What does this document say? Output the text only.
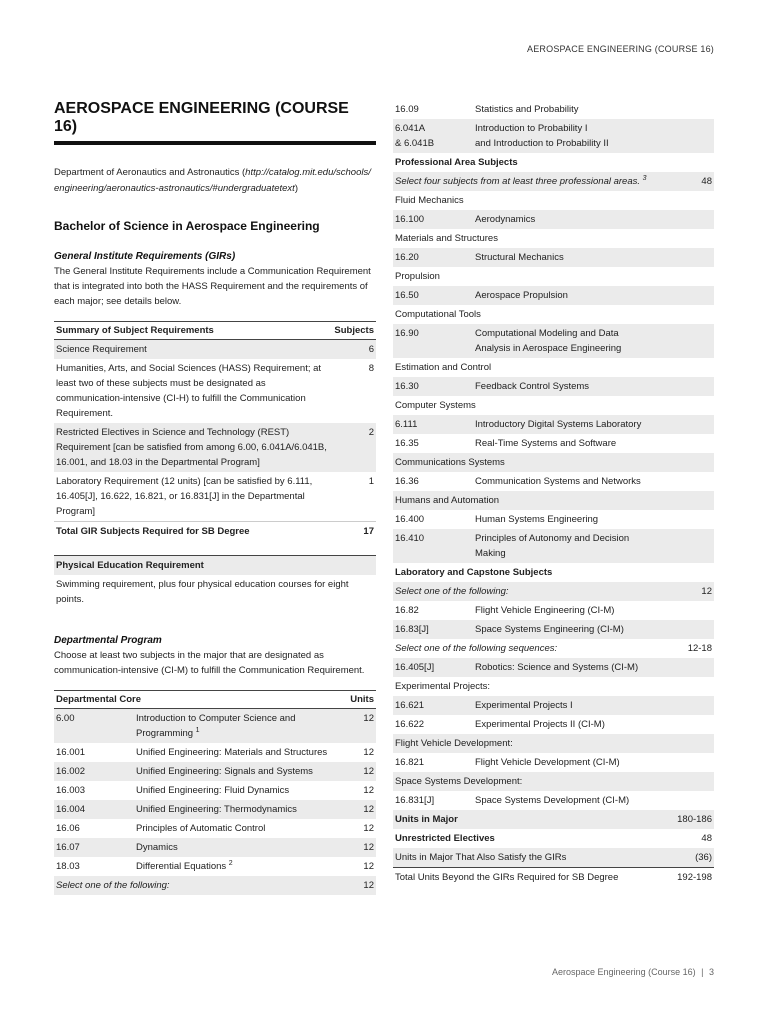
AEROSPACE ENGINEERING (COURSE 16)
AEROSPACE ENGINEERING (COURSE 16)
Department of Aeronautics and Astronautics (http://catalog.mit.edu/schools/engineering/aeronautics-astronautics/#undergraduatetext)
Bachelor of Science in Aerospace Engineering
General Institute Requirements (GIRs)
The General Institute Requirements include a Communication Requirement that is integrated into both the HASS Requirement and the requirements of each major; see details below.
Summary of Subject Requirements	Subjects
Science Requirement	6
Humanities, Arts, and Social Sciences (HASS) Requirement; at least two of these subjects must be designated as communication-intensive (CI-H) to fulfill the Communication Requirement.	8
Restricted Electives in Science and Technology (REST) Requirement [can be satisfied from among 6.00, 6.041A/6.041B, 16.001, and 18.03 in the Departmental Program]	2
Laboratory Requirement (12 units) [can be satisfied by 6.111, 16.405[J], 16.622, 16.821, or 16.831[J] in the Departmental Program]	1
Total GIR Subjects Required for SB Degree	17
Physical Education Requirement
Swimming requirement, plus four physical education courses for eight points.
Departmental Program
Choose at least two subjects in the major that are designated as communication-intensive (CI-M) to fulfill the Communication Requirement.
Departmental Core		Units
6.00	Introduction to Computer Science and Programming $^1$	12
16.001	Unified Engineering: Materials and Structures	12
16.002	Unified Engineering: Signals and Systems	12
16.003	Unified Engineering: Fluid Dynamics	12
16.004	Unified Engineering: Thermodynamics	12
16.06	Principles of Automatic Control	12
16.07	Dynamics	12
18.03	Differential Equations $^2$	12
Select one of the following:		12
16.09	Statistics and Probability	
6.041A
& 6.041B	Introduction to Probability I
and Introduction to Probability II	
Professional Area Subjects		
Select four subjects from at least three professional areas. $^3$		48
Fluid Mechanics		
16.100	Aerodynamics	
Materials and Structures		
16.20	Structural Mechanics	
Propulsion		
16.50	Aerospace Propulsion	
Computational Tools		
16.90	Computational Modeling and Data Analysis in Aerospace Engineering	
Estimation and Control		
16.30	Feedback Control Systems	
Computer Systems		
6.111	Introductory Digital Systems Laboratory	
16.35	Real-Time Systems and Software	
Communications Systems		
16.36	Communication Systems and Networks	
Humans and Automation		
16.400	Human Systems Engineering	
16.410	Principles of Autonomy and Decision Making	
Laboratory and Capstone Subjects		
Select one of the following:		12
16.82	Flight Vehicle Engineering (CI-M)	
16.83[J]	Space Systems Engineering (CI-M)	
Select one of the following sequences:		12-18
16.405[J]	Robotics: Science and Systems (CI-M)	
Experimental Projects:		
16.621	Experimental Projects I	
16.622	Experimental Projects II (CI-M)	
Flight Vehicle Development:		
16.821	Flight Vehicle Development (CI-M)	
Space Systems Development:		
16.831[J]	Space Systems Development (CI-M)	
Units in Major		180-186
Unrestricted Electives		48
Units in Major That Also Satisfy the GIRs		(36)
Total Units Beyond the GIRs Required for SB Degree		192-198
Aerospace Engineering (Course 16) | 3
